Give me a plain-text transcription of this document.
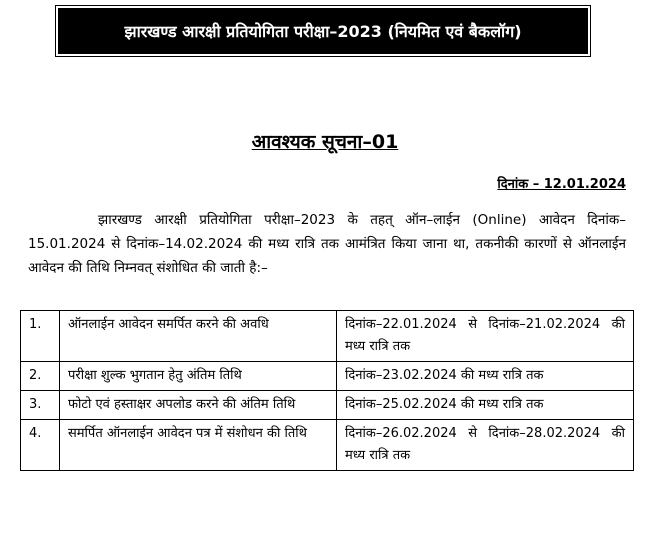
झारखण्ड आरक्षी प्रतियोगिता परीक्षा–2023 (नियमित एवं बैकलॉग)
आवश्यक सूचना–01
दिनांक – 12.01.2024
झारखण्ड आरक्षी प्रतियोगिता परीक्षा–2023 के तहत् ऑन–लाईन (Online) आवेदन दिनांक–15.01.2024 से दिनांक–14.02.2024 की मध्य रात्रि तक आमंत्रित किया जाना था, तकनीकी कारणों से ऑनलाईन आवेदन की तिथि निम्नवत् संशोधित की जाती है:–
1.	ऑनलाईन आवेदन समर्पित करने की अवधि	दिनांक–22.01.2024 से दिनांक–21.02.2024 की मध्य रात्रि तक
2.	परीक्षा शुल्क भुगतान हेतु अंतिम तिथि	दिनांक–23.02.2024 की मध्य रात्रि तक
3.	फोटो एवं हस्ताक्षर अपलोड करने की अंतिम तिथि	दिनांक–25.02.2024 की मध्य रात्रि तक
4.	समर्पित ऑनलाईन आवेदन पत्र में संशोधन की तिथि	दिनांक–26.02.2024 से दिनांक–28.02.2024 की मध्य रात्रि तक
